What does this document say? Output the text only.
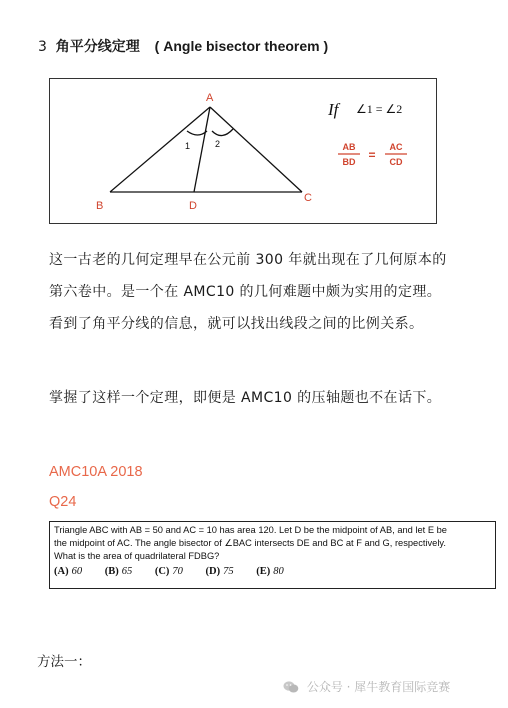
3 角平分线定理 ( Angle bisector theorem )
A
B	D
C
1	2
If ∠1 = ∠2
AB
BD =
AC
CD
这一古老的几何定理早在公元前 300 年就出现在了几何原本的第六卷中。是一个在 AMC10 的几何难题中颇为实用的定理。看到了角平分线的信息，就可以找出线段之间的比例关系。
掌握了这样一个定理，即便是 AMC10 的压轴题也不在话下。
AMC10A 2018
Q24
Triangle ABC with AB = 50 and AC = 10 has area 120. Let D be the midpoint of AB, and let E be
the midpoint of AC. The angle bisector of ∠BAC intersects DE and BC at F and G, respectively.
What is the area of quadrilateral FDBG?
(A) 60 (B) 65 (C) 70 (D) 75 (E) 80
方法一：
公众号 · 犀牛教育国际竞赛
